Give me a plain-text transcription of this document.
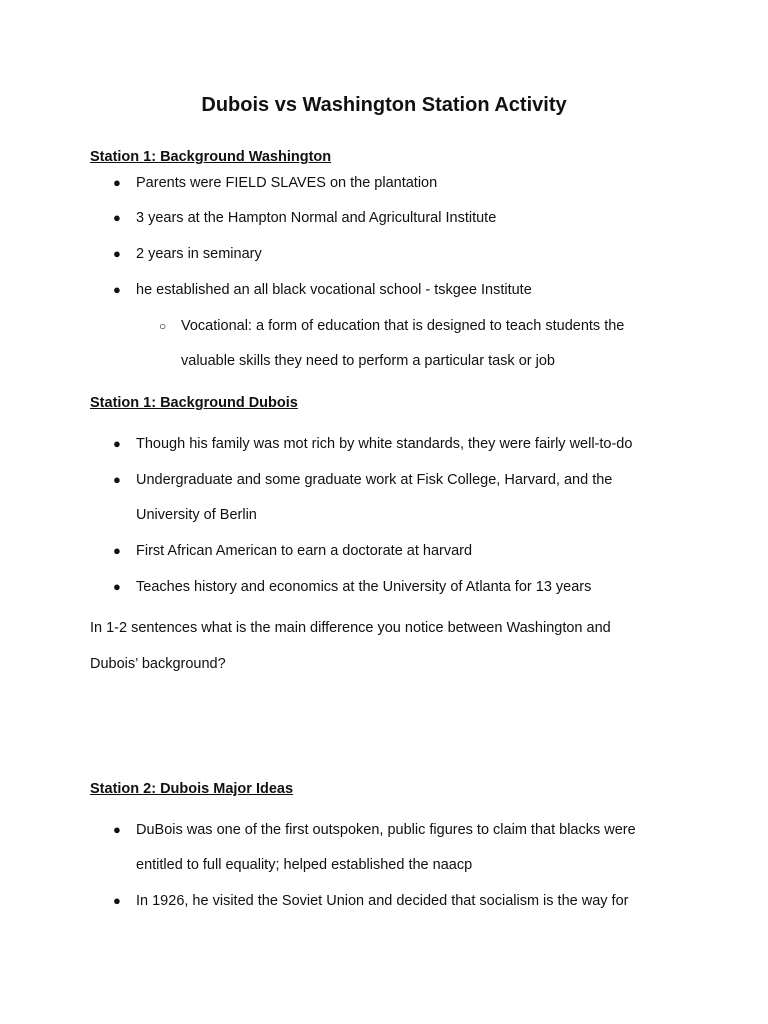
Dubois vs Washington Station Activity
Station 1: Background Washington
● Parents were FIELD SLAVES on the plantation
● 3 years at the Hampton Normal and Agricultural Institute
● 2 years in seminary
● he established an all black vocational school - tskgee Institute
○ Vocational: a form of education that is designed to teach students the
valuable skills they need to perform a particular task or job
Station 1: Background Dubois
● Though his family was mot rich by white standards, they were fairly well-to-do
● Undergraduate and some graduate work at Fisk College, Harvard, and the
University of Berlin
● First African American to earn a doctorate at harvard
● Teaches history and economics at the University of Atlanta for 13 years
In 1-2 sentences what is the main difference you notice between Washington and
Dubois’ background?
Station 2: Dubois Major Ideas
● DuBois was one of the first outspoken, public figures to claim that blacks were
entitled to full equality; helped established the naacp
● In 1926, he visited the Soviet Union and decided that socialism is the way for
